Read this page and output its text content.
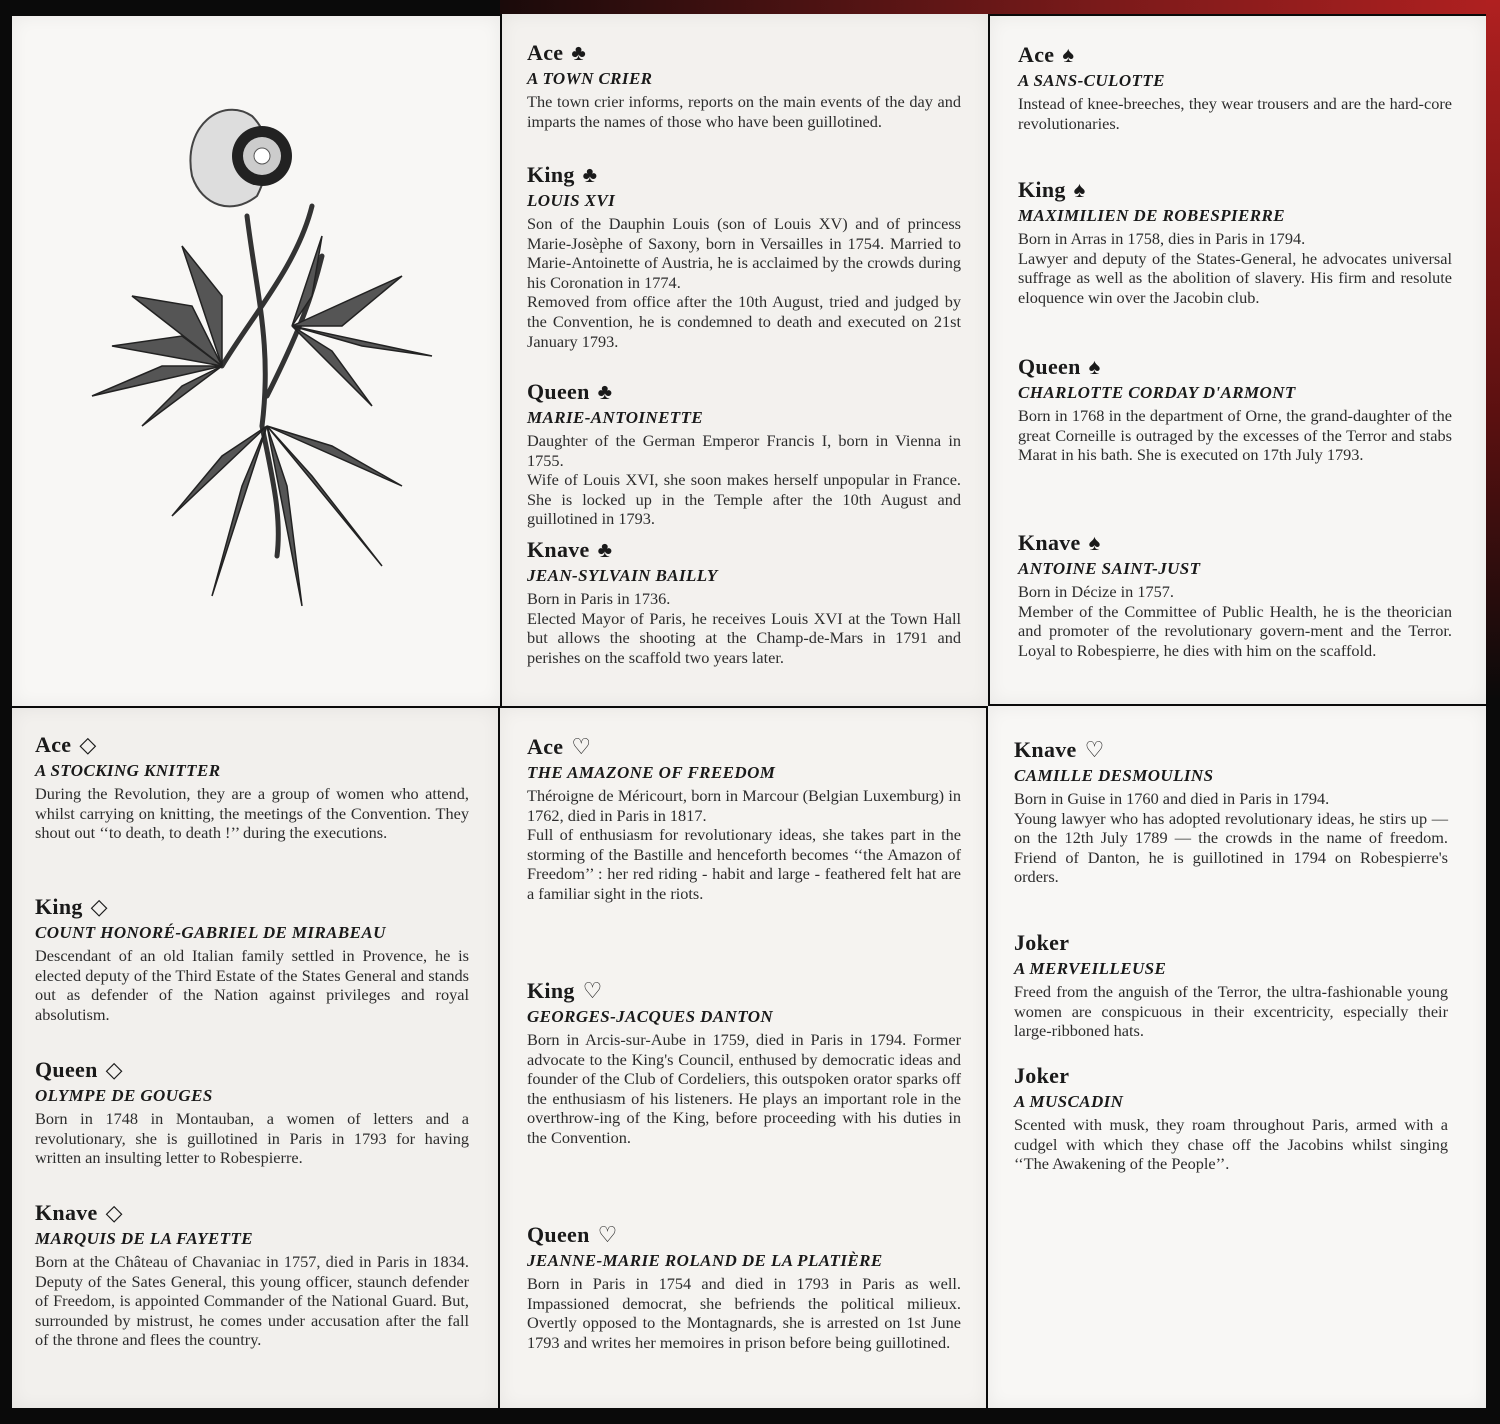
Ace ♣
A TOWN CRIER

The town crier informs, reports on the main events of the day and imparts the names of those who have been guillotined.

King ♣
LOUIS XVI

Son of the Dauphin Louis (son of Louis XV) and of princess Marie-Josèphe of Saxony, born in Versailles in 1754. Married to Marie-Antoinette of Austria, he is acclaimed by the crowds during his Coronation in 1774.

Removed from office after the 10th August, tried and judged by the Convention, he is condemned to death and executed on 21st January 1793.

Queen ♣
MARIE-ANTOINETTE

Daughter of the German Emperor Francis I, born in Vienna in 1755.

Wife of Louis XVI, she soon makes herself unpopular in France. She is locked up in the Temple after the 10th August and guillotined in 1793.

Knave ♣
JEAN-SYLVAIN BAILLY

Born in Paris in 1736.

Elected Mayor of Paris, he receives Louis XVI at the Town Hall but allows the shooting at the Champ-de-Mars in 1791 and perishes on the scaffold two years later.

Ace ♠
A SANS-CULOTTE

Instead of knee-breeches, they wear trousers and are the hard-core revolutionaries.

King ♠
MAXIMILIEN DE ROBESPIERRE

Born in Arras in 1758, dies in Paris in 1794.

Lawyer and deputy of the States-General, he advocates universal suffrage as well as the abolition of slavery. His firm and resolute eloquence win over the Jacobin club.

Queen ♠
CHARLOTTE CORDAY D'ARMONT

Born in 1768 in the department of Orne, the grand-daughter of the great Corneille is outraged by the excesses of the Terror and stabs Marat in his bath. She is executed on 17th July 1793.

Knave ♠
ANTOINE SAINT-JUST

Born in Décize in 1757.

Member of the Committee of Public Health, he is the theorician and promoter of the revolutionary govern-ment and the Terror. Loyal to Robespierre, he dies with him on the scaffold.

Ace ◇
A STOCKING KNITTER

During the Revolution, they are a group of women who attend, whilst carrying on knitting, the meetings of the Convention. They shout out ‘‘to death, to death !’’ during the executions.

King ◇
COUNT HONORÉ-GABRIEL DE MIRABEAU

Descendant of an old Italian family settled in Provence, he is elected deputy of the Third Estate of the States General and stands out as defender of the Nation against privileges and royal absolutism.

Queen ◇
OLYMPE DE GOUGES

Born in 1748 in Montauban, a women of letters and a revolutionary, she is guillotined in Paris in 1793 for having written an insulting letter to Robespierre.

Knave ◇
MARQUIS DE LA FAYETTE

Born at the Château of Chavaniac in 1757, died in Paris in 1834. Deputy of the Sates General, this young officer, staunch defender of Freedom, is appointed Commander of the National Guard. But, surrounded by mistrust, he comes under accusation after the fall of the throne and flees the country.

Ace ♡
THE AMAZONE OF FREEDOM

Théroigne de Méricourt, born in Marcour (Belgian Luxemburg) in 1762, died in Paris in 1817.

Full of enthusiasm for revolutionary ideas, she takes part in the storming of the Bastille and henceforth becomes ‘‘the Amazon of Freedom’’ : her red riding - habit and large - feathered felt hat are a familiar sight in the riots.

King ♡
GEORGES-JACQUES DANTON

Born in Arcis-sur-Aube in 1759, died in Paris in 1794. Former advocate to the King's Council, enthused by democratic ideas and founder of the Club of Cordeliers, this outspoken orator sparks off the enthusiasm of his listeners. He plays an important role in the overthrow-ing of the King, before proceeding with his duties in the Convention.

Queen ♡
JEANNE-MARIE ROLAND DE LA PLATIÈRE

Born in Paris in 1754 and died in 1793 in Paris as well. Impassioned democrat, she befriends the political milieux. Overtly opposed to the Montagnards, she is arrested on 1st June 1793 and writes her memoires in prison before being guillotined.

Knave ♡
CAMILLE DESMOULINS

Born in Guise in 1760 and died in Paris in 1794.

Young lawyer who has adopted revolutionary ideas, he stirs up — on the 12th July 1789 — the crowds in the name of freedom. Friend of Danton, he is guillotined in 1794 on Robespierre's orders.

Joker
A MERVEILLEUSE

Freed from the anguish of the Terror, the ultra-fashionable young women are conspicuous in their excentricity, especially their large-ribboned hats.

Joker
A MUSCADIN

Scented with musk, they roam throughout Paris, armed with a cudgel with which they chase off the Jacobins whilst singing ‘‘The Awakening of the People’’.
